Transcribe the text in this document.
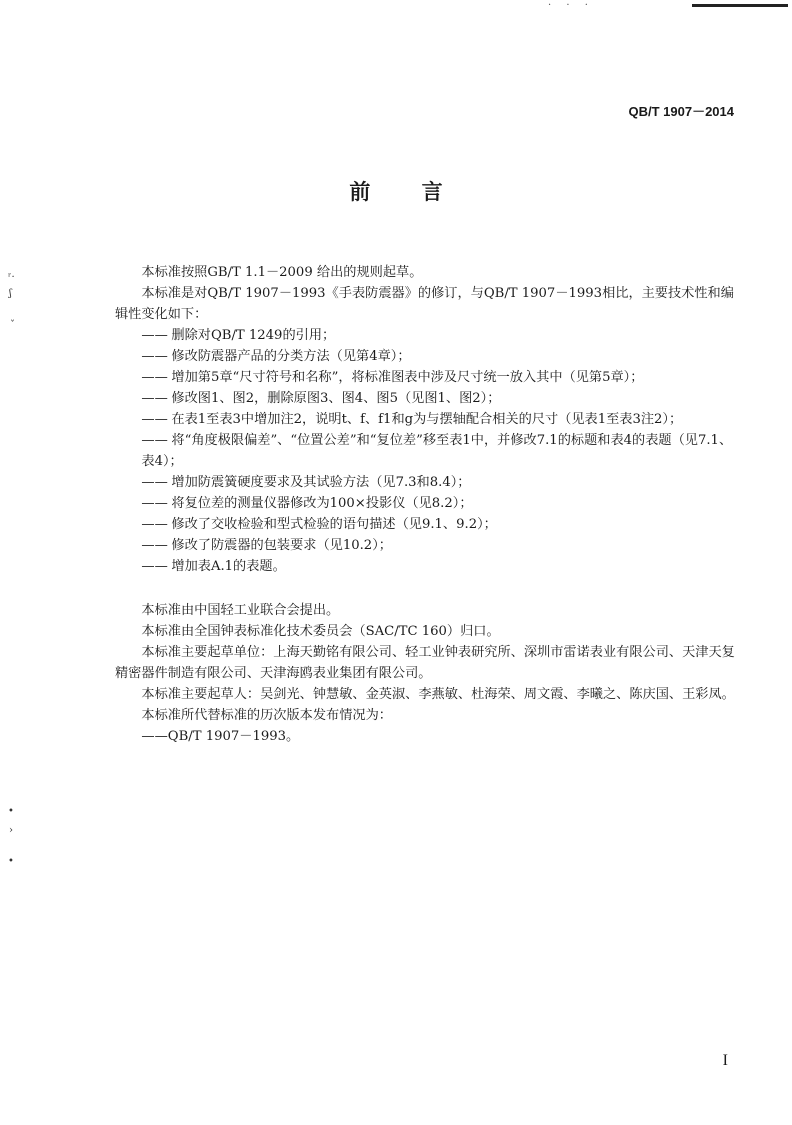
· · ·
QB/T 1907－2014
前 言
ʳ·
ʃ
ˇ
•
›
•

本标准按照GB/T 1.1－2009 给出的规则起草。

本标准是对QB/T 1907－1993《手表防震器》的修订，与QB/T 1907－1993相比，主要技术性和编辑性变化如下：

—— 删除对QB/T 1249的引用；
—— 修改防震器产品的分类方法（见第4章）；
—— 增加第5章“尺寸符号和名称”，将标准图表中涉及尺寸统一放入其中（见第5章）；
—— 修改图1、图2，删除原图3、图4、图5（见图1、图2）；
—— 在表1至表3中增加注2，说明t、f、f1和g为与摆轴配合相关的尺寸（见表1至表3注2）；
—— 将“角度极限偏差”、“位置公差”和“复位差”移至表1中，并修改7.1的标题和表4的表题（见7.1、表4）；
—— 增加防震簧硬度要求及其试验方法（见7.3和8.4）；
—— 将复位差的测量仪器修改为100×投影仪（见8.2）；
—— 修改了交收检验和型式检验的语句描述（见9.1、9.2）；
—— 修改了防震器的包装要求（见10.2）；
—— 增加表A.1的表题。

本标准由中国轻工业联合会提出。

本标准由全国钟表标准化技术委员会（SAC/TC 160）归口。

本标准主要起草单位：上海天勤铭有限公司、轻工业钟表研究所、深圳市雷诺表业有限公司、天津天复精密器件制造有限公司、天津海鸥表业集团有限公司。

本标准主要起草人：吴剑光、钟慧敏、金英淑、李燕敏、杜海荣、周文霞、李曦之、陈庆国、王彩凤。

本标准所代替标准的历次版本发布情况为：

——QB/T 1907－1993。

I
